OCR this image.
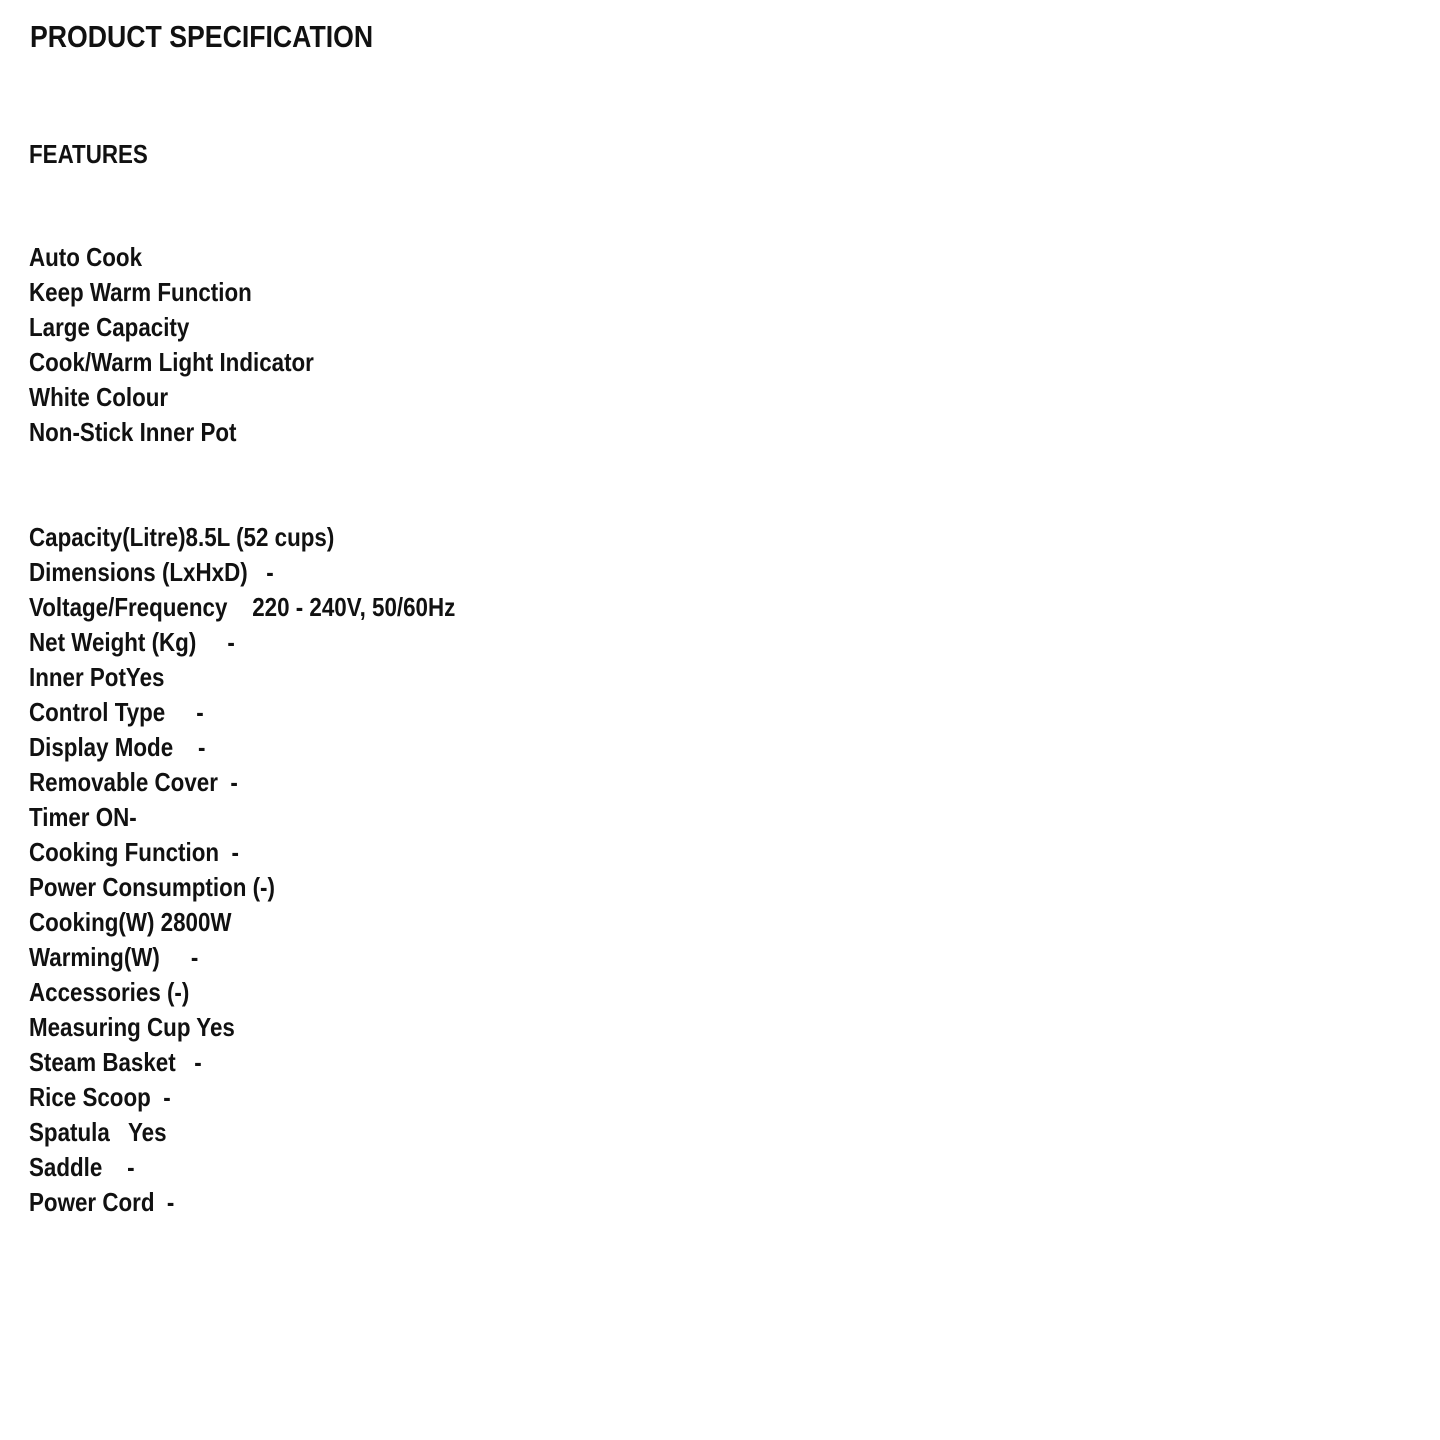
PRODUCT SPECIFICATION
FEATURES
Auto Cook
Keep Warm Function
Large Capacity
Cook/Warm Light Indicator
White Colour
Non-Stick Inner Pot
Capacity(Litre)8.5L (52 cups)
Dimensions (LxHxD)   -
Voltage/Frequency    220 - 240V, 50/60Hz
Net Weight (Kg)     -
Inner PotYes
Control Type     -
Display Mode    -
Removable Cover  -
Timer ON-
Cooking Function  -
Power Consumption (-)
Cooking(W) 2800W
Warming(W)     -
Accessories (-)
Measuring Cup Yes
Steam Basket   -
Rice Scoop  -
Spatula   Yes
Saddle    -
Power Cord  -
